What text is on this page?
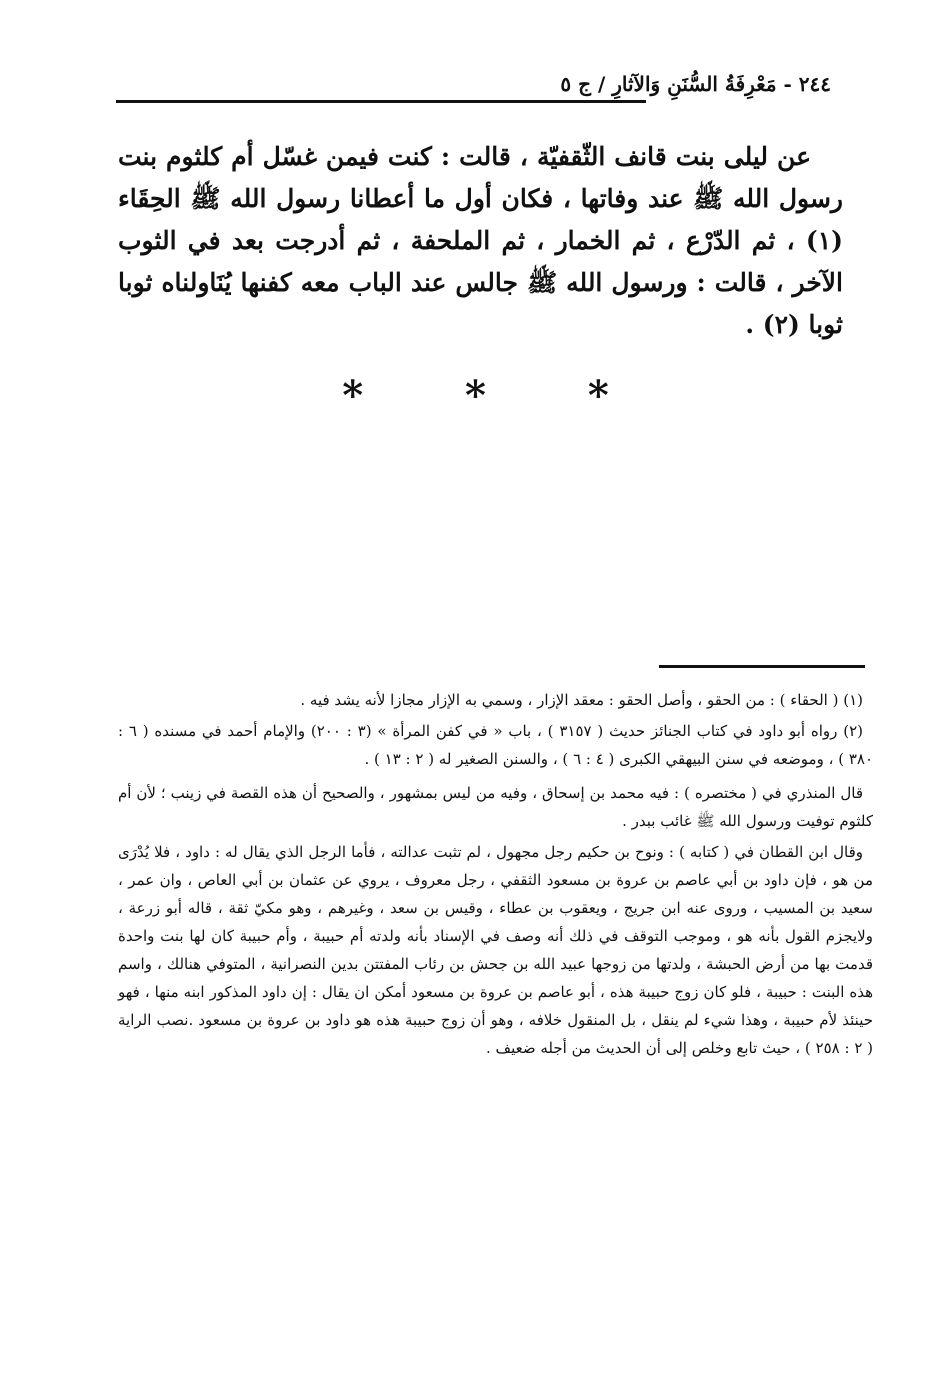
٢٤٤ - مَعْرِفَةُ السُّنَنِ وَالآثارِ / ج ٥

عن ليلى بنت قانف الثّقفيّة ، قالت : كنت فيمن غسّل أم كلثوم بنت رسول الله ﷺ عند وفاتها ، فكان أول ما أعطانا رسول الله ﷺ الحِقَاء (١) ، ثم الدّرْع ، ثم الخمار ، ثم الملحفة ، ثم أدرجت بعد في الثوب الآخر ، قالت : ورسول الله ﷺ جالس عند الباب معه كفنها يُنَاولناه ثوبا ثوبا (٢) .

* * *

(١) ( الحقاء ) : من الحقو ، وأصل الحقو : معقد الإزار ، وسمي به الإزار مجازا لأنه يشد فيه .

(٢) رواه أبو داود في كتاب الجنائز حديث ( ٣١٥٧ ) ، باب « في كفن المرأة » (٣ : ٢٠٠) والإمام أحمد في مسنده ( ٦ : ٣٨٠ ) ، وموضعه في سنن البيهقي الكبرى ( ٤ : ٦ ) ، والسنن الصغير له ( ٢ : ١٣ ) .

قال المنذري في ( مختصره ) : فيه محمد بن إسحاق ، وفيه من ليس بمشهور ، والصحيح أن هذه القصة في زينب ؛ لأن أم كلثوم توفيت ورسول الله ﷺ غائب ببدر .

وقال ابن القطان في ( كتابه ) : ونوح بن حكيم رجل مجهول ، لم تثبت عدالته ، فأما الرجل الذي يقال له : داود ، فلا يُدْرَى من هو ، فإن داود بن أبي عاصم بن عروة بن مسعود الثقفي ، رجل معروف ، يروي عن عثمان بن أبي العاص ، وان عمر ، سعيد بن المسيب ، وروى عنه ابن جريج ، ويعقوب بن عطاء ، وقيس بن سعد ، وغيرهم ، وهو مكيّ ثقة ، قاله أبو زرعة ، ولايجزم القول بأنه هو ، وموجب التوقف في ذلك أنه وصف في الإسناد بأنه ولدته أم حبيبة ، وأم حبيبة كان لها بنت واحدة قدمت بها من أرض الحبشة ، ولدتها من زوجها عبيد الله بن جحش بن رئاب المفتتن بدين النصرانية ، المتوفي هنالك ، واسم هذه البنت : حبيبة ، فلو كان زوج حبيبة هذه ، أبو عاصم بن عروة بن مسعود أمكن ان يقال : إن داود المذكور ابنه منها ، فهو حينئذ لأم حبيبة ، وهذا شيء لم ينقل ، بل المنقول خلافه ، وهو أن زوج حبيبة هذه هو داود بن عروة بن مسعود .نصب الراية ( ٢ : ٢٥٨ ) ، حيث تابع وخلص إلى أن الحديث من أجله ضعيف .
